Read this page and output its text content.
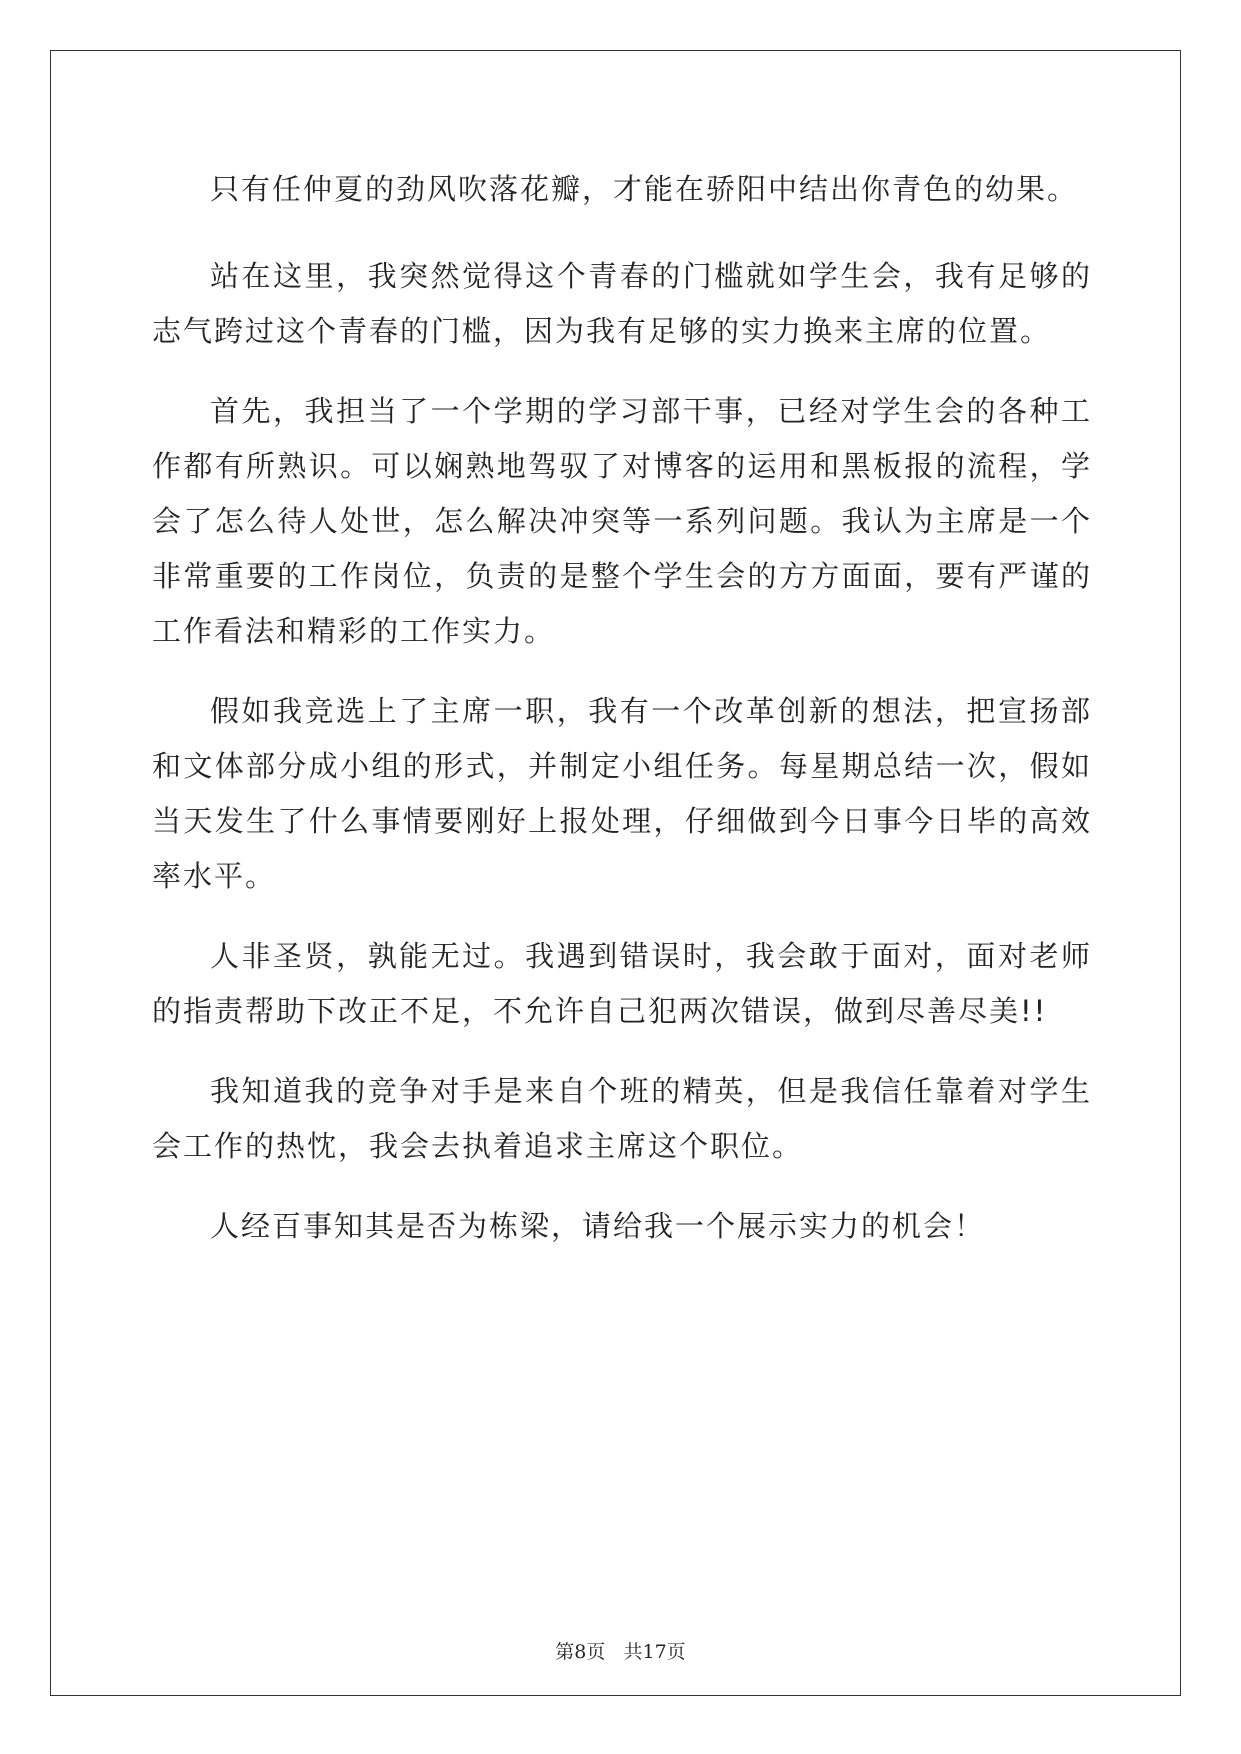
只有任仲夏的劲风吹落花瓣，才能在骄阳中结出你青色的幼果。

站在这里，我突然觉得这个青春的门槛就如学生会，我有足够的志气跨过这个青春的门槛，因为我有足够的实力换来主席的位置。

首先，我担当了一个学期的学习部干事，已经对学生会的各种工作都有所熟识。可以娴熟地驾驭了对博客的运用和黑板报的流程，学会了怎么待人处世，怎么解决冲突等一系列问题。我认为主席是一个非常重要的工作岗位，负责的是整个学生会的方方面面，要有严谨的工作看法和精彩的工作实力。

假如我竞选上了主席一职，我有一个改革创新的想法，把宣扬部和文体部分成小组的形式，并制定小组任务。每星期总结一次，假如当天发生了什么事情要刚好上报处理，仔细做到今日事今日毕的高效率水平。

人非圣贤，孰能无过。我遇到错误时，我会敢于面对，面对老师的指责帮助下改正不足，不允许自己犯两次错误，做到尽善尽美!!

我知道我的竞争对手是来自个班的精英，但是我信任靠着对学生会工作的热忱，我会去执着追求主席这个职位。

人经百事知其是否为栋梁，请给我一个展示实力的机会！

第8页   共17页
